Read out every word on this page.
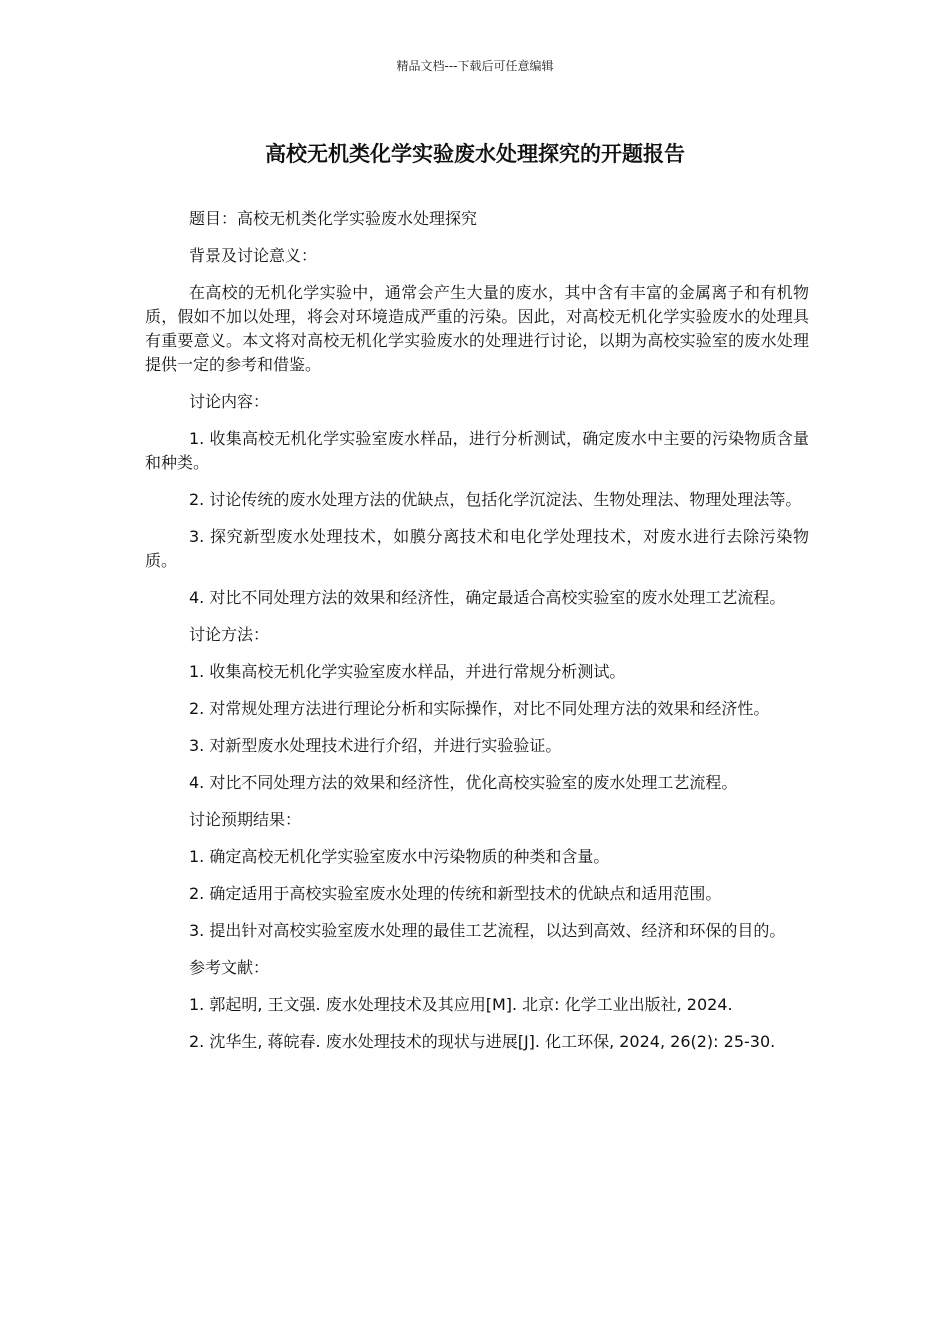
精品文档---下载后可任意编辑
高校无机类化学实验废水处理探究的开题报告

题目：高校无机类化学实验废水处理探究

背景及讨论意义：

在高校的无机化学实验中，通常会产生大量的废水，其中含有丰富的金属离子和有机物质，假如不加以处理，将会对环境造成严重的污染。因此，对高校无机化学实验废水的处理具有重要意义。本文将对高校无机化学实验废水的处理进行讨论，以期为高校实验室的废水处理提供一定的参考和借鉴。

讨论内容：

1. 收集高校无机化学实验室废水样品，进行分析测试，确定废水中主要的污染物质含量和种类。

2. 讨论传统的废水处理方法的优缺点，包括化学沉淀法、生物处理法、物理处理法等。

3. 探究新型废水处理技术，如膜分离技术和电化学处理技术，对废水进行去除污染物质。

4. 对比不同处理方法的效果和经济性，确定最适合高校实验室的废水处理工艺流程。

讨论方法：

1. 收集高校无机化学实验室废水样品，并进行常规分析测试。

2. 对常规处理方法进行理论分析和实际操作，对比不同处理方法的效果和经济性。

3. 对新型废水处理技术进行介绍，并进行实验验证。

4. 对比不同处理方法的效果和经济性，优化高校实验室的废水处理工艺流程。

讨论预期结果：

1. 确定高校无机化学实验室废水中污染物质的种类和含量。

2. 确定适用于高校实验室废水处理的传统和新型技术的优缺点和适用范围。

3. 提出针对高校实验室废水处理的最佳工艺流程，以达到高效、经济和环保的目的。

参考文献：

1. 郭起明, 王文强. 废水处理技术及其应用[M]. 北京: 化学工业出版社, 2024.

2. 沈华生, 蒋皖春. 废水处理技术的现状与进展[J]. 化工环保, 2024, 26(2): 25-30.
